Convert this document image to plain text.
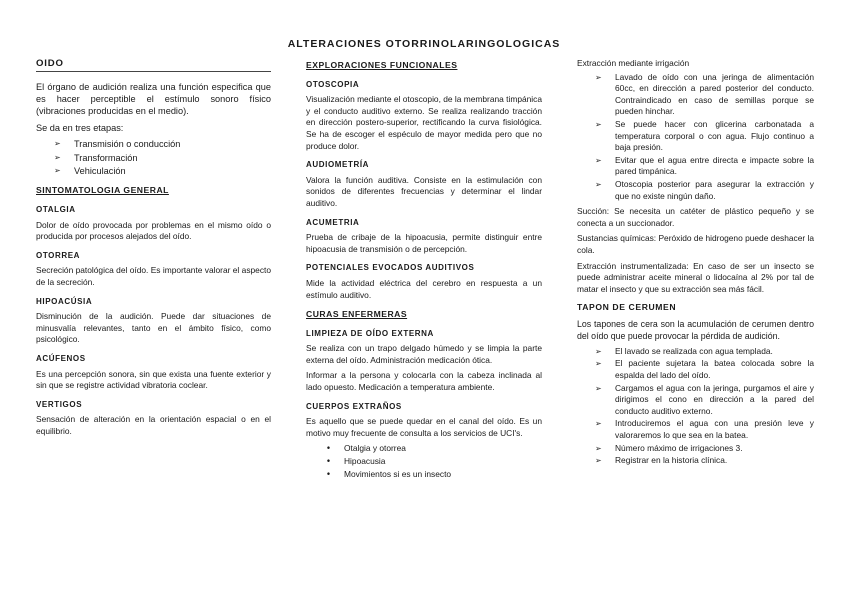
ALTERACIONES OTORRINOLARINGOLOGICAS
OIDO
El órgano de audición realiza una función especifica que es hacer perceptible el estímulo sonoro físico (vibraciones producidas en el medio).
Se da en tres etapas:
➢ Transmisión o conducción
➢ Transformación
➢ Vehiculación
SINTOMATOLOGIA GENERAL
OTALGIA
Dolor de oído provocada por problemas en el mismo oído o producida por procesos alejados del oído.
OTORREA
Secreción patológica del oído. Es importante valorar el aspecto de la secreción.
HIPOACÚSIA
Disminución de la audición. Puede dar situaciones de minusvalía relevantes, tanto en el ámbito físico, como psicológico.
ACÚFENOS
Es una percepción sonora, sin que exista una fuente exterior y sin que se registre actividad vibratoria coclear.
VERTIGOS
Sensación de alteración en la orientación espacial o en el equilibrio.
EXPLORACIONES FUNCIONALES
OTOSCOPIA
Visualización mediante el otoscopio, de la membrana timpánica y el conducto auditivo externo. Se realiza realizando tracción en dirección postero-superior, rectificando la curva fisiológica. Se ha de escoger el espéculo de mayor medida pero que no produce dolor.
AUDIOMETRÍA
Valora la función auditiva. Consiste en la estimulación con sonidos de diferentes frecuencias y determinar el lindar auditivo.
ACUMETRIA
Prueba de cribaje de la hipoacusia, permite distinguir entre hipoacusia de transmisión o de percepción.
POTENCIALES EVOCADOS AUDITIVOS
Mide la actividad eléctrica del cerebro en respuesta a un estímulo auditivo.
CURAS ENFERMERAS
LIMPIEZA DE OÍDO EXTERNA
Se realiza con un trapo delgado húmedo y se limpia la parte externa del oído. Administración medicación ótica.
Informar a la persona y colocarla con la cabeza inclinada al lado opuesto. Medicación a temperatura ambiente.
CUERPOS EXTRAÑOS
Es aquello que se puede quedar en el canal del oído. Es un motivo muy frecuente de consulta a los servicios de UCI's.
• Otalgia y otorrea
• Hipoacusia
• Movimientos si es un insecto
Extracción mediante irrigación
➢ Lavado de oído con una jeringa de alimentación 60cc, en dirección a pared posterior del conducto. Contraindicado en caso de semillas porque se pueden hinchar.
➢ Se puede hacer con glicerina carbonatada a temperatura corporal o con agua. Flujo continuo a baja presión.
➢ Evitar que el agua entre directa e impacte sobre la pared timpánica.
➢ Otoscopia posterior para asegurar la extracción y que no existe ningún daño.
Succión: Se necesita un catéter de plástico pequeño y se conecta a un succionador.
Sustancias químicas: Peróxido de hidrogeno puede deshacer la cola.
Extracción instrumentalizada: En caso de ser un insecto se puede administrar aceite mineral o lidocaína al 2% por tal de matar el insecto y que su extracción sea más fácil.
TAPON DE CERUMEN
Los tapones de cera son la acumulación de cerumen dentro del oído que puede provocar la pérdida de audición.
➢ El lavado se realizada con agua templada.
➢ El paciente sujetara la batea colocada sobre la espalda del lado del oído.
➢ Cargamos el agua con la jeringa, purgamos el aire y dirigimos el cono en dirección a la pared del conducto auditivo externo.
➢ Introduciremos el agua con una presión leve y valoraremos lo que sea en la batea.
➢ Número máximo de irrigaciones 3.
➢ Registrar en la historia clínica.
